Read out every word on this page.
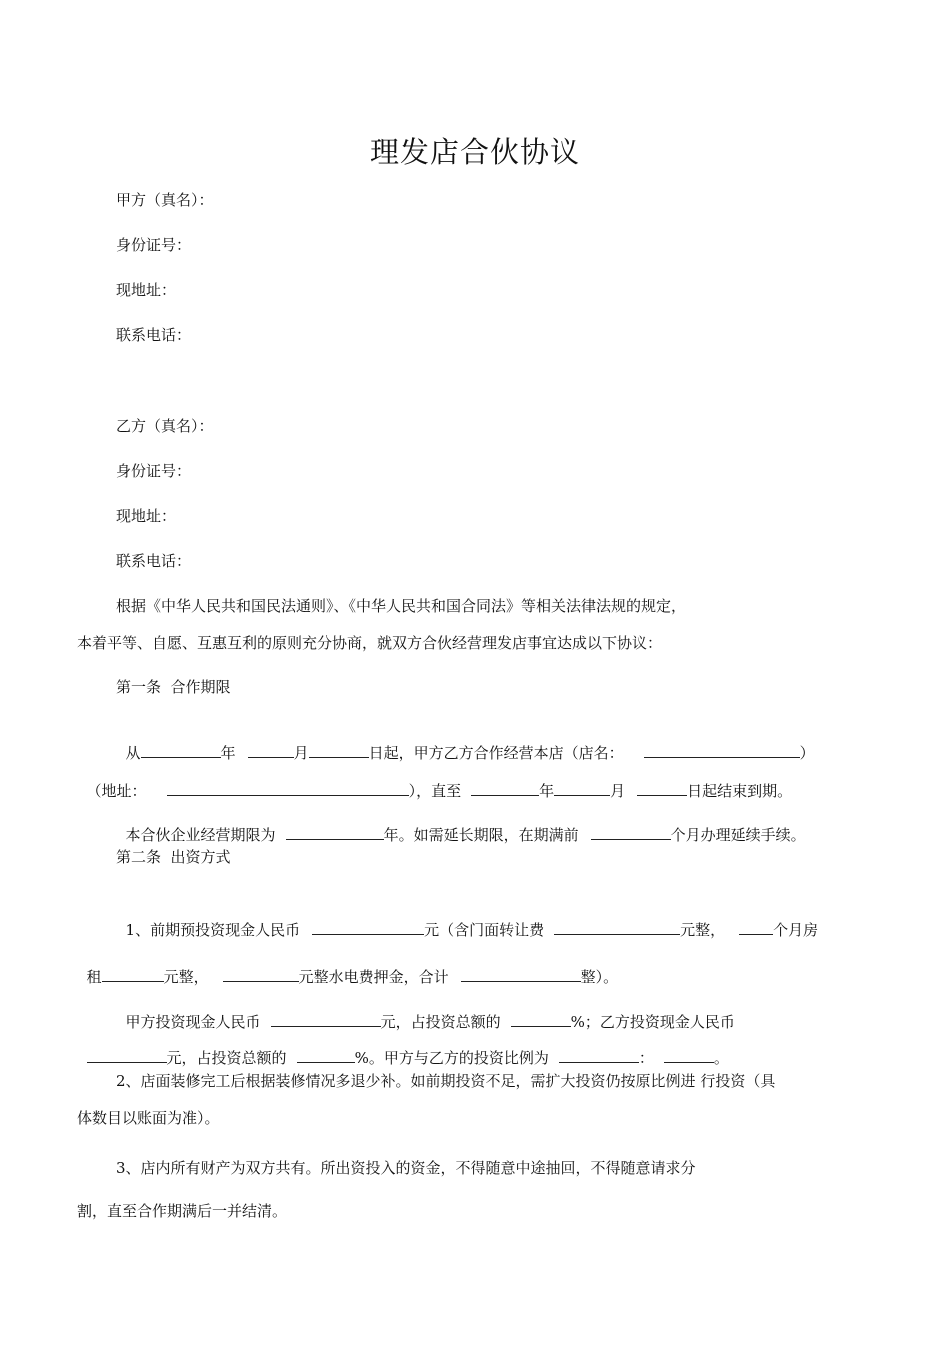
理发店合伙协议
甲方（真名）：
身份证号：
现地址：
联系电话：
乙方（真名）：
身份证号：
现地址：
联系电话：
根据《中华人民共和国民法通则》、《中华人民共和国合同法》等相关法律法规的规定，
本着平等、自愿、互惠互利的原则充分协商，就双方合伙经营理发店事宜达成以下协议：
第一条  合作期限

从	年	月	日起，甲方乙方合作经营本店（店名：	）

（地址：	），直至	年	月	日起结束到期。

本合伙企业经营期限为	年。如需延长期限，在期满前	个月办理延续手续。

第二条  出资方式

1、前期预投资现金人民币	元（含门面转让费	元整，	个月房

租	元整，	元整水电费押金，合计	整）。

甲方投资现金人民币	元，占投资总额的	%；乙方投资现金人民币

元，占投资总额的	%。甲方与乙方的投资比例为	：	。

2、店面装修完工后根据装修情况多退少补。如前期投资不足，需扩大投资仍按原比例进 行投资（具
体数目以账面为准）。
3、店内所有财产为双方共有。所出资投入的资金，不得随意中途抽回，不得随意请求分
割，直至合作期满后一并结清。
